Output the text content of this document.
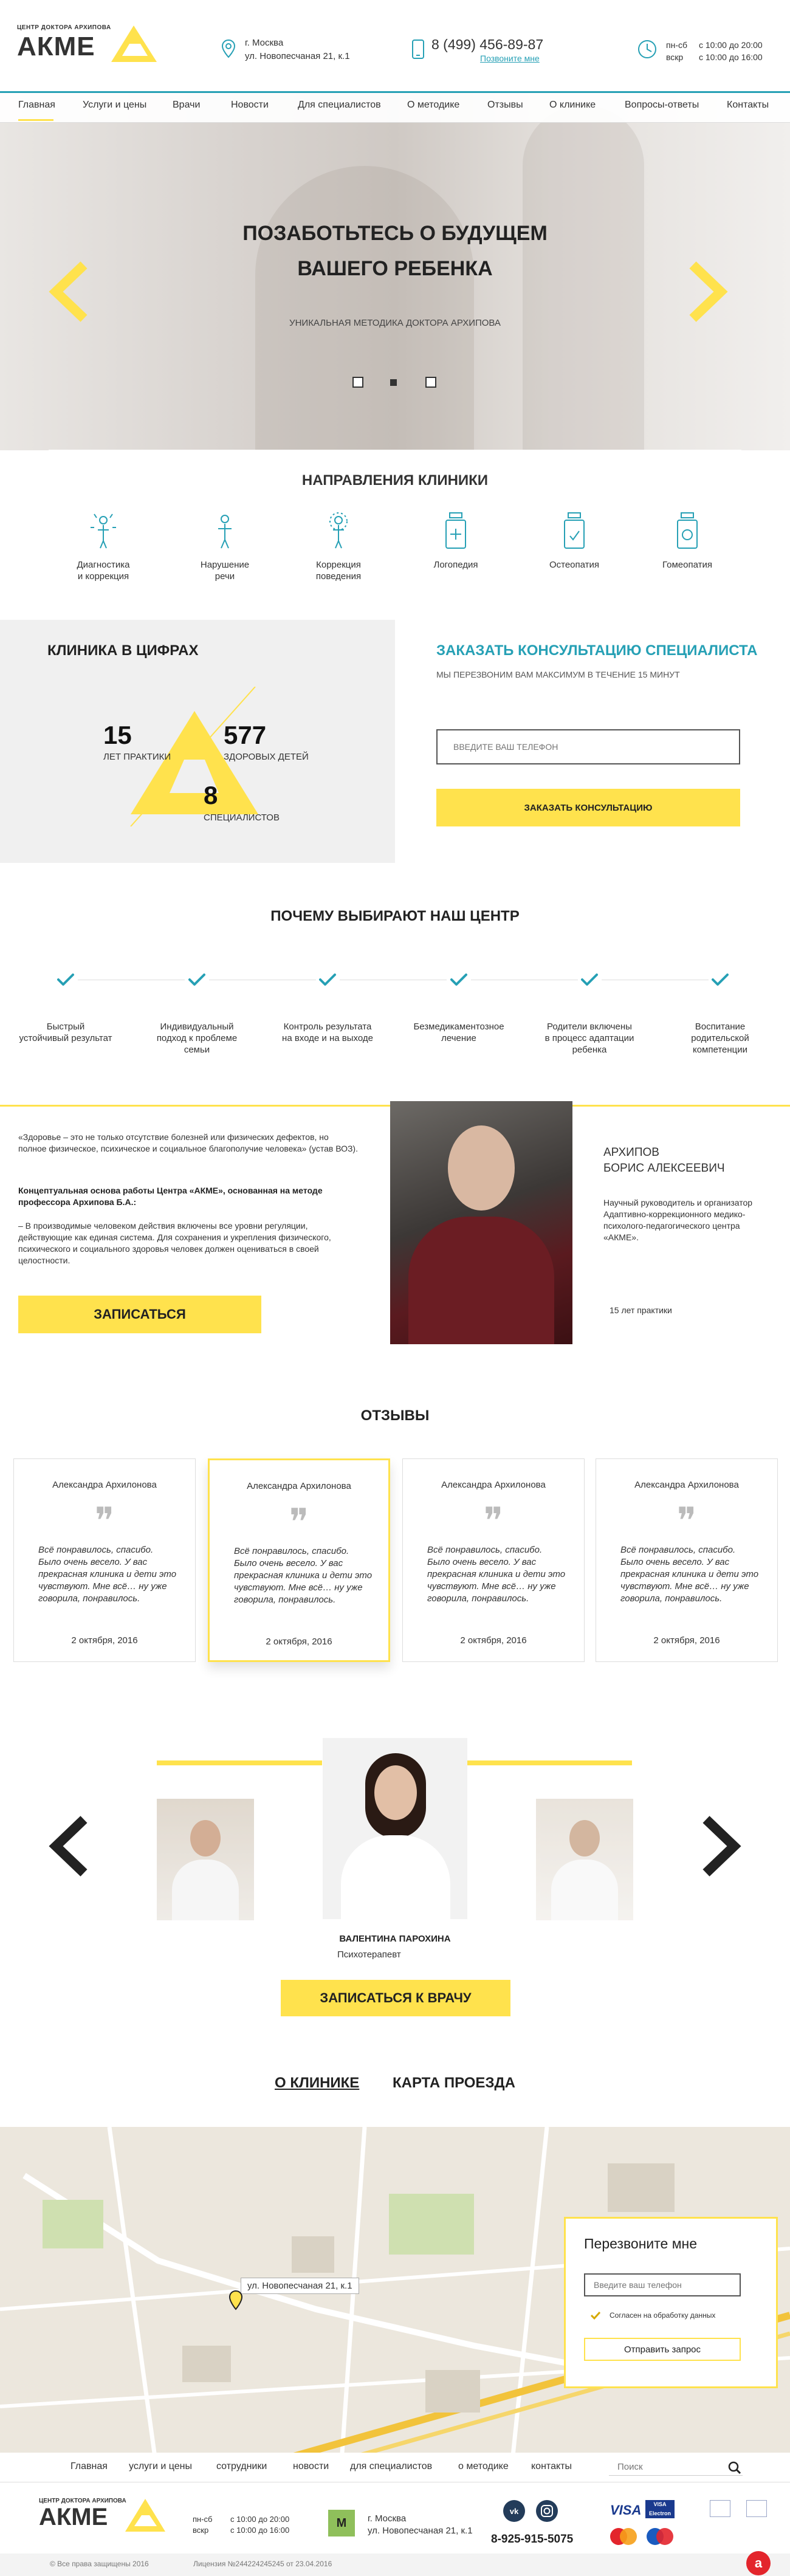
ЦЕНТР ДОКТОРА АРХИПОВА
АКМЕ	г. Москва
ул. Новопесчаная 21, к.1
8 (499) 456-89-87
Позвоните мне
пн-сб с 10:00 до 20:00
вскр с 10:00 до 16:00
Главная	Услуги и цены	Врачи	Новости	Для специалистов	О методике	Отзывы	О клинике	Вопросы-ответы	Контакты
ПОЗАБОТЬТЕСЬ О БУДУЩЕМ
ВАШЕГО РЕБЕНКА
УНИКАЛЬНАЯ МЕТОДИКА ДОКТОРА АРХИПОВА
НАПРАВЛЕНИЯ КЛИНИКИ
Диагностика
и коррекция
Нарушение
речи
Коррекция
поведения
Логопедия	Остеопатия	Гомеопатия
КЛИНИКА В ЦИФРАХ
15
ЛЕТ ПРАКТИКИ
577
ЗДОРОВЫХ ДЕТЕЙ
8
СПЕЦИАЛИСТОВ
ЗАКАЗАТЬ КОНСУЛЬТАЦИЮ СПЕЦИАЛИСТА
МЫ ПЕРЕЗВОНИМ ВАМ МАКСИМУМ В ТЕЧЕНИЕ 15 МИНУТ
ВВЕДИТЕ ВАШ ТЕЛЕФОН
ЗАКАЗАТЬ КОНСУЛЬТАЦИЮ
ПОЧЕМУ ВЫБИРАЮТ НАШ ЦЕНТР
Быстрый
устойчивый результат
Индивидуальный
подход к проблеме
семьи
Контроль результата
на входе и на выходе
Безмедикаментозное
лечение
Родители включены
в процесс адаптации
ребенка
Воспитание
родительской
компетенции
«Здоровье – это не только отсутствие болезней или физических дефектов, но полное физическое, психическое и социальное благополучие человека» (устав ВОЗ).
Концептуальная основа работы Центра «АКМЕ», основанная на методе профессора Архипова Б.А.:
– В производимые человеком действия включены все уровни регуляции, действующие как единая система. Для сохранения и укрепления физического, психического и социального здоровья человек должен оцениваться в своей целостности.
ЗАПИСАТЬСЯ
АРХИПОВ
БОРИС АЛЕКСЕЕВИЧ
Научный руководитель и организатор Адаптивно-коррекционного медико-психолого-педагогического центра «АКМЕ».
15 лет практики
ОТЗЫВЫ
Александра Архилонова
❞
Всё понравилось, спасибо. Было очень весело. У вас прекрасная клиника и дети это чувствуют. Мне всё… ну уже говорила, понравилось.
2 октября, 2016
Александра Архилонова
❞
Всё понравилось, спасибо. Было очень весело. У вас прекрасная клиника и дети это чувствуют. Мне всё… ну уже говорила, понравилось.
2 октября, 2016
Александра Архилонова
❞
Всё понравилось, спасибо. Было очень весело. У вас прекрасная клиника и дети это чувствуют. Мне всё… ну уже говорила, понравилось.
2 октября, 2016
Александра Архилонова
❞
Всё понравилось, спасибо. Было очень весело. У вас прекрасная клиника и дети это чувствуют. Мне всё… ну уже говорила, понравилось.
2 октября, 2016
ВАЛЕНТИНА ПАРОХИНА
Психотерапевт
ЗАПИСАТЬСЯ К ВРАЧУ
О КЛИНИКЕ КАРТА ПРОЕЗДА
ул. Новопесчаная 21, к.1
Перезвоните мне
Введите ваш телефон
Согласен на обработку данных
Отправить запрос
Главная услуги и цены	сотрудники	новости для специалистов	о методике контакты
Поиск
ЦЕНТР ДОКТОРА АРХИПОВА
АКМЕ	пн-сб с 10:00 до 20:00
вскр	с 10:00 до 16:00
М	г. Москва
ул. Новопесчаная 21, к.1
vk
8-925-915-5075
VISA	VISA Electron
© Все права защищены 2016	Лицензия №244224245245 от 23.04.2016	a
